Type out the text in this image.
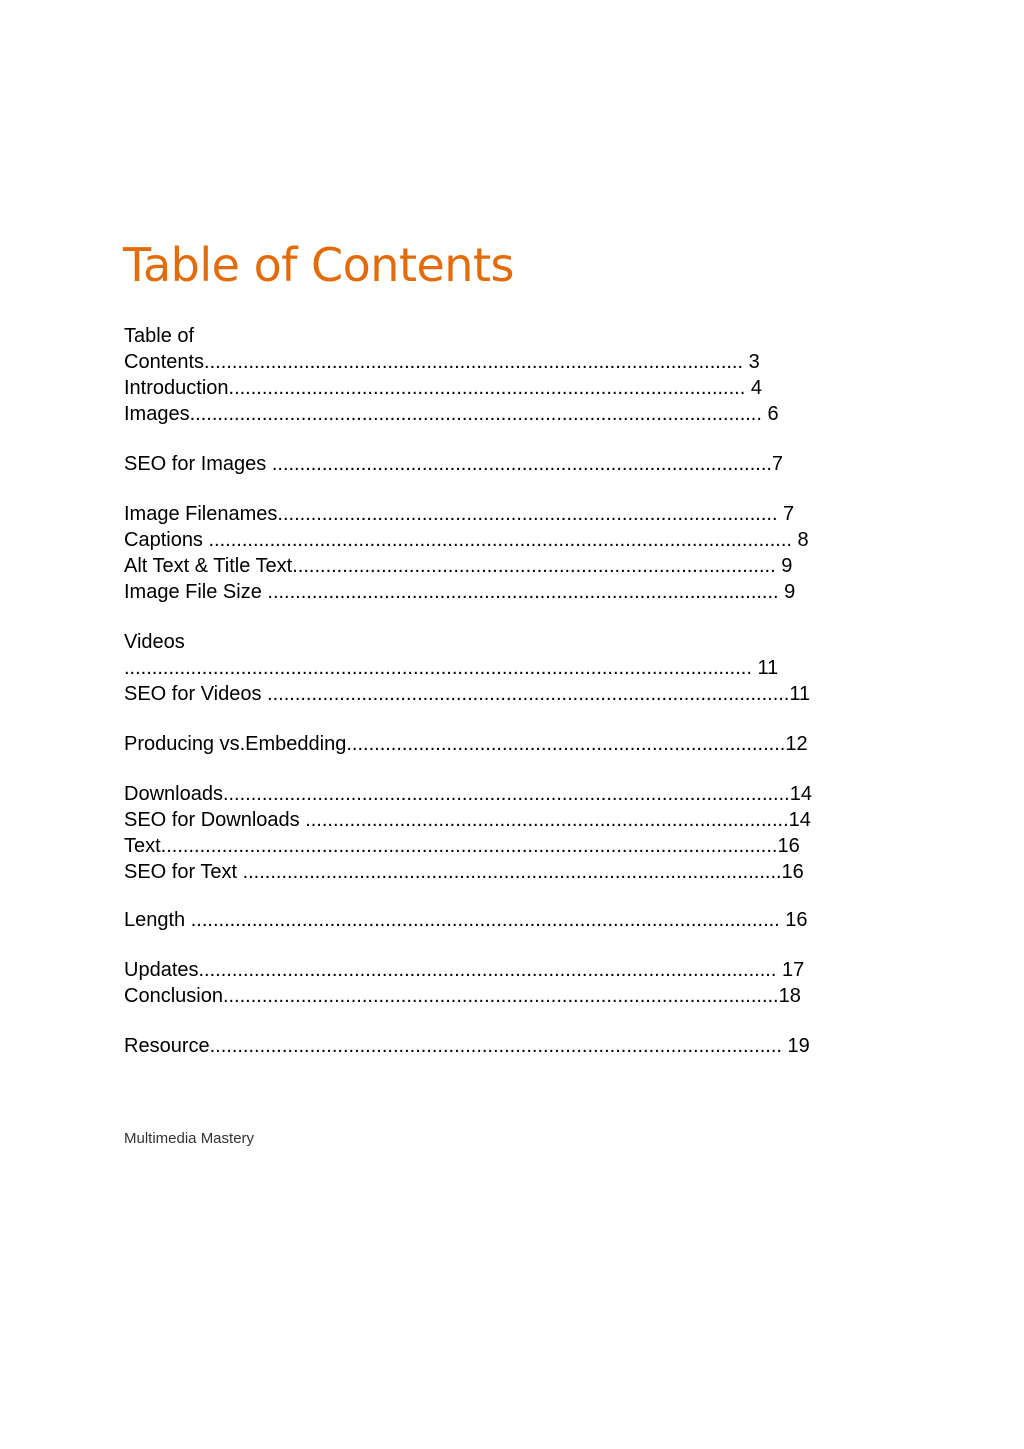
Table of Contents
Table of
Contents................................................................................................. 3
Introduction............................................................................................. 4
Images....................................................................................................... 6
SEO for Images ..........................................................................................7
Image Filenames.......................................................................................... 7
Captions ......................................................................................................... 8
Alt Text & Title Text....................................................................................... 9
Image File Size ............................................................................................ 9
Videos
................................................................................................................. 11
SEO for Videos ..............................................................................................11
Producing vs.Embedding...............................................................................12
Downloads......................................................................................................14
SEO for Downloads .......................................................................................14
Text...............................................................................................................16
SEO for Text .................................................................................................16
Length .......................................................................................................... 16
Updates........................................................................................................ 17
Conclusion....................................................................................................18
Resource....................................................................................................... 19
Multimedia Mastery
